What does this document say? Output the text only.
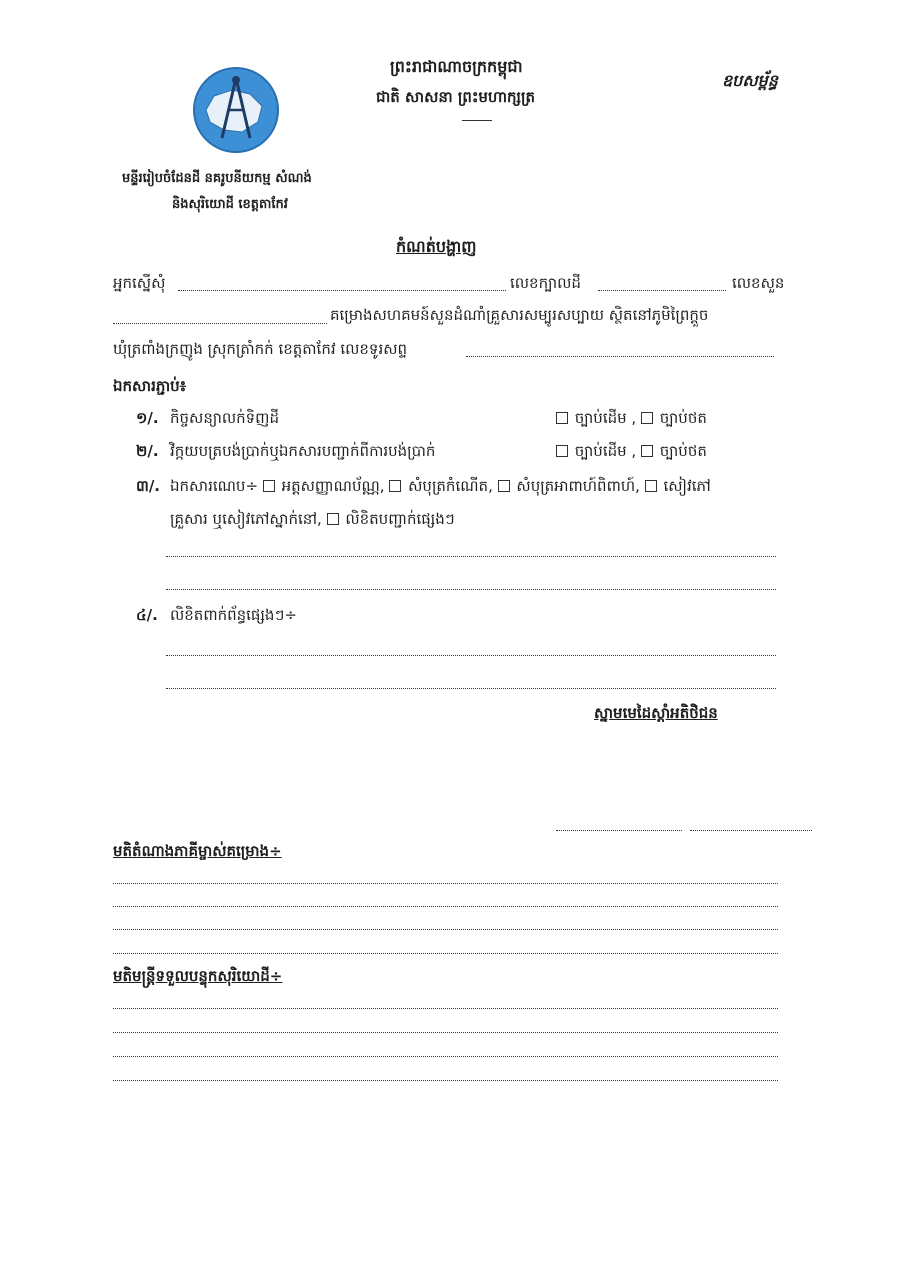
ព្រះរាជាណាចក្រកម្ពុជា
ជាតិ សាសនា ព្រះមហាក្សត្រ
ឧបសម្ព័ន្ធ
មន្ទីររៀបចំដែនដី នគរូបនីយកម្ម សំណង់
និងសុរិយោដី ខេត្តតាកែវ
កំណត់បង្ហាញ
អ្នកស្នើសុំ	លេខក្បាលដី	លេខសួន
គម្រោងសហគមន៍សួនដំណាំគ្រួសារសម្បូរសប្បាយ ស្ថិតនៅភូមិព្រៃក្តួច
ឃុំត្រពាំងក្រញូង ស្រុកត្រាំកក់ ខេត្តតាកែវ លេខទូរសព្ទ
ឯកសារភ្ជាប់៖
១/. កិច្ចសន្យាលក់ទិញដី	ច្បាប់ដើម , ច្បាប់ថត
២/. វិក្កយបត្របង់ប្រាក់ឬឯកសារបញ្ជាក់ពីការបង់ប្រាក់	ច្បាប់ដើម , ច្បាប់ថត
៣/. ឯកសារណេប÷ អត្តសញ្ញាណប័ណ្ណ, សំបុត្រកំណើត, សំបុត្រអាពាហ៍ពិពាហ៍, សៀវភៅ
គ្រួសារ ឬសៀវភៅស្នាក់នៅ, លិខិតបញ្ជាក់ផ្សេងៗ
៤/. លិខិតពាក់ព័ន្ធផ្សេងៗ÷
ស្នាមមេដៃស្តាំអតិថិជន
មតិតំណាងភាគីម្ចាស់គម្រោង÷
មតិមន្ត្រីទទួលបន្ទុកសុរិយោដី÷
